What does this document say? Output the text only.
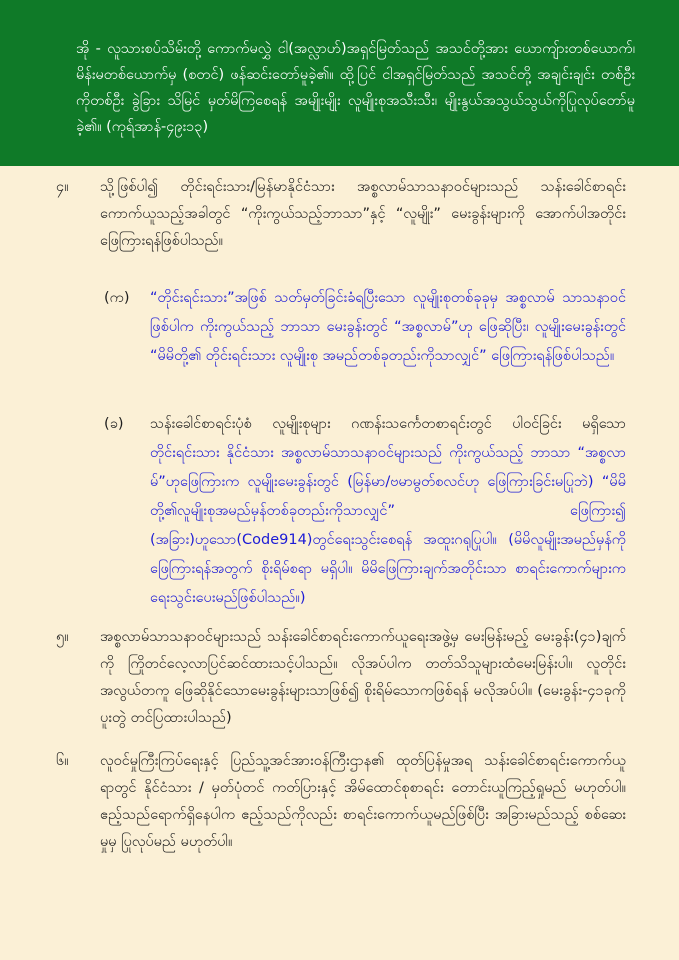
အို - လူသားစပ်သိမ်းတို့ ကောက်မလွှဲ ငါ(အလ္လာဟ်)အရှင်မြတ်သည် အသင်တို့အား ယောကျ်ားတစ်ယောက်၊ မိန်းမတစ်ယောက်မှ (စတင်) ဖန်ဆင်းတော်မူခဲ့၏။ ထို့ပြင် ငါအရှင်မြတ်သည် အသင်တို့ အချင်းချင်း တစ်ဦးကိုတစ်ဦး ခွဲခြား သိမြင် မှတ်မိကြစေရန် အမျိုးမျိုး လူမျိုးစုအသီးသီး၊ မျိုးနွယ်အသွယ်သွယ်ကိုပြုလုပ်တော်မူခဲ့၏။ (ကုရ်အာန်-၄၉း၁၃)

၄။	သို့ဖြစ်ပါ၍ တိုင်းရင်းသား/မြန်မာနိုင်ငံသား အစ္စလာမ်သာသနာဝင်များသည် သန်းခေါင်စာရင်းကောက်ယူသည့်အခါတွင် “ကိုးကွယ်သည့်ဘာသာ”နှင့် “လူမျိုး” မေးခွန်းများကို အောက်ပါအတိုင်း ဖြေကြားရန်ဖြစ်ပါသည်။
(က)	“တိုင်းရင်းသား”အဖြစ် သတ်မှတ်ခြင်းခံရပြီးသော လူမျိုးစုတစ်ခုခုမှ အစ္စလာမ် သာသနာဝင်ဖြစ်ပါက ကိုးကွယ်သည့် ဘာသာ မေးခွန်းတွင် “အစ္စလာမ်”ဟု ဖြေဆိုပြီး၊ လူမျိုးမေးခွန်းတွင် “မိမိတို့၏ တိုင်းရင်းသား လူမျိုးစု အမည်တစ်ခုတည်းကိုသာလျှင်” ဖြေကြားရန်ဖြစ်ပါသည်။
(ခ)	သန်းခေါင်စာရင်းပုံစံ လူမျိုးစုများ ဂဏန်းသင်္ကေတစာရင်းတွင် ပါဝင်ခြင်း မရှိသော တိုင်းရင်းသား နိုင်ငံသား အစ္စလာမ်သာသနာဝင်များသည် ကိုးကွယ်သည့် ဘာသာ “အစ္စလာမ်”ဟုဖြေကြားက လူမျိုးမေးခွန်းတွင် (မြန်မာ/ဗမာမွတ်စလင်ဟု ဖြေကြားခြင်းမပြုဘဲ) “မိမိတို့၏လူမျိုးစုအမည်မှန်တစ်ခုတည်းကိုသာလျှင်” ဖြေကြား၍ (အခြား)ဟူသော(Code914)တွင်ရေးသွင်းစေရန် အထူးဂရုပြုပါ။ (မိမိလူမျိုးအမည်မှန်ကို ဖြေကြားရန်အတွက် စိုးရိမ်စရာ မရှိပါ။ မိမိဖြေကြားချက်အတိုင်းသာ စာရင်းကောက်များက ရေးသွင်းပေးမည်ဖြစ်ပါသည်။)
၅။	အစ္စလာမ်သာသနာဝင်များသည် သန်းခေါင်စာရင်းကောက်ယူရေးအဖွဲ့မှ မေးမြန်းမည့် မေးခွန်း(၄၁)ချက်ကို ကြိုတင်လေ့လာပြင်ဆင်ထားသင့်ပါသည်။ လိုအပ်ပါက တတ်သိသူများထံမေးမြန်းပါ။ လူတိုင်းအလွယ်တကူ ဖြေဆိုနိုင်သောမေးခွန်းများသာဖြစ်၍ စိုးရိမ်သောကဖြစ်ရန် မလိုအပ်ပါ။ (မေးခွန်း-၄၁ခုကို ပူးတွဲ တင်ပြထားပါသည်)
၆။	လူဝင်မှုကြီးကြပ်ရေးနှင့် ပြည်သူ့အင်အားဝန်ကြီးဌာန၏ ထုတ်ပြန်မှုအရ သန်းခေါင်စာရင်းကောက်ယူရာတွင် နိုင်ငံသား / မှတ်ပုံတင် ကတ်ပြားနှင့် အိမ်ထောင်စုစာရင်း တောင်းယူကြည့်ရှုမည် မဟုတ်ပါ။ ဧည့်သည်ရောက်ရှိနေပါက ဧည့်သည်ကိုလည်း စာရင်းကောက်ယူမည်ဖြစ်ပြီး အခြားမည်သည့် စစ်ဆေးမှုမှ ပြုလုပ်မည် မဟုတ်ပါ။
